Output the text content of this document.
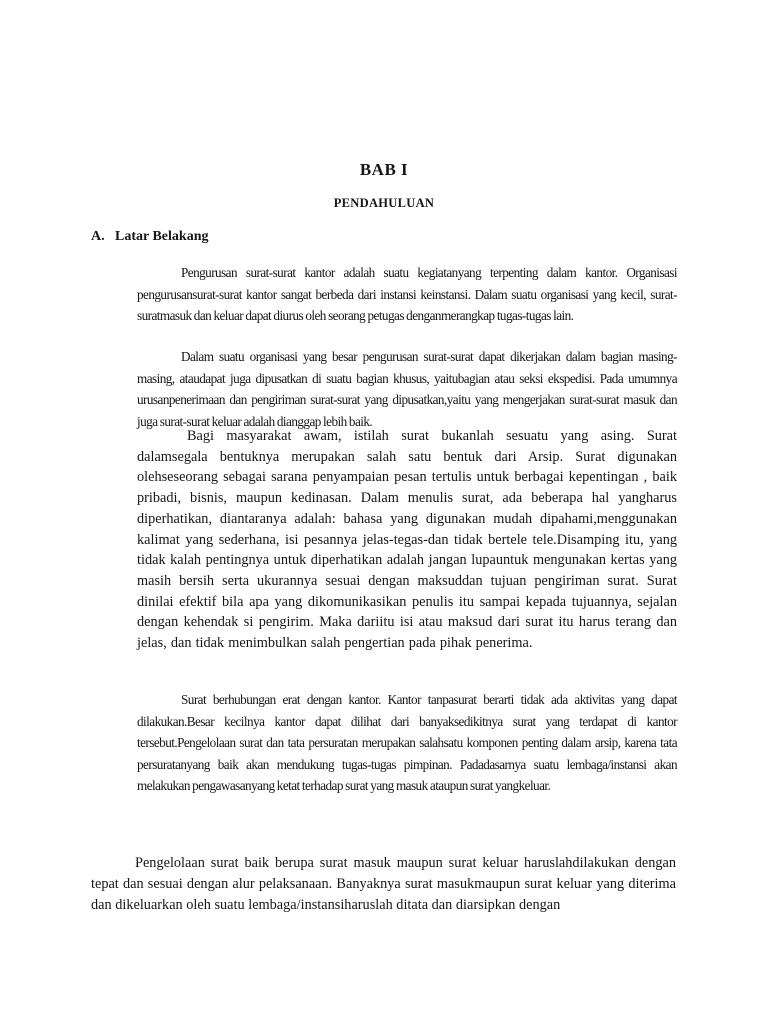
BAB I
PENDAHULUAN
A. Latar Belakang

Pengurusan surat-surat kantor adalah suatu kegiatanyang terpenting dalam kantor. Organisasi pengurusansurat-surat kantor sangat berbeda dari instansi keinstansi. Dalam suatu organisasi yang kecil, surat-suratmasuk dan keluar dapat diurus oleh seorang petugas denganmerangkap tugas-tugas lain.

Dalam suatu organisasi yang besar pengurusan surat-surat dapat dikerjakan dalam bagian masing-masing, ataudapat juga dipusatkan di suatu bagian khusus, yaitubagian atau seksi ekspedisi. Pada umumnya urusanpenerimaan dan pengiriman surat-surat yang dipusatkan,yaitu yang mengerjakan surat-surat masuk dan juga surat-surat keluar adalah dianggap lebih baik.

Bagi masyarakat awam, istilah surat bukanlah sesuatu yang asing. Surat dalamsegala bentuknya merupakan salah satu bentuk dari Arsip. Surat digunakan olehseseorang sebagai sarana penyampaian pesan tertulis untuk berbagai kepentingan , baik pribadi, bisnis, maupun kedinasan. Dalam menulis surat, ada beberapa hal yangharus diperhatikan, diantaranya adalah: bahasa yang digunakan mudah dipahami,menggunakan kalimat yang sederhana, isi pesannya jelas-tegas-dan tidak bertele tele.Disamping itu, yang tidak kalah pentingnya untuk diperhatikan adalah jangan lupauntuk mengunakan kertas yang masih bersih serta ukurannya sesuai dengan maksuddan tujuan pengiriman surat. Surat dinilai efektif bila apa yang dikomunikasikan penulis itu sampai kepada tujuannya, sejalan dengan kehendak si pengirim. Maka dariitu isi atau maksud dari surat itu harus terang dan jelas, dan tidak menimbulkan salah pengertian pada pihak penerima.

Surat berhubungan erat dengan kantor. Kantor tanpasurat berarti tidak ada aktivitas yang dapat dilakukan.Besar kecilnya kantor dapat dilihat dari banyaksedikitnya surat yang terdapat di kantor tersebut.Pengelolaan surat dan tata persuratan merupakan salahsatu komponen penting dalam arsip, karena tata persuratanyang baik akan mendukung tugas-tugas pimpinan. Padadasarnya suatu lembaga/instansi akan melakukan pengawasanyang ketat terhadap surat yang masuk ataupun surat yangkeluar.

Pengelolaan surat baik berupa surat masuk maupun surat keluar haruslahdilakukan dengan tepat dan sesuai dengan alur pelaksanaan. Banyaknya surat masukmaupun surat keluar yang diterima dan dikeluarkan oleh suatu lembaga/instansiharuslah ditata dan diarsipkan dengan
